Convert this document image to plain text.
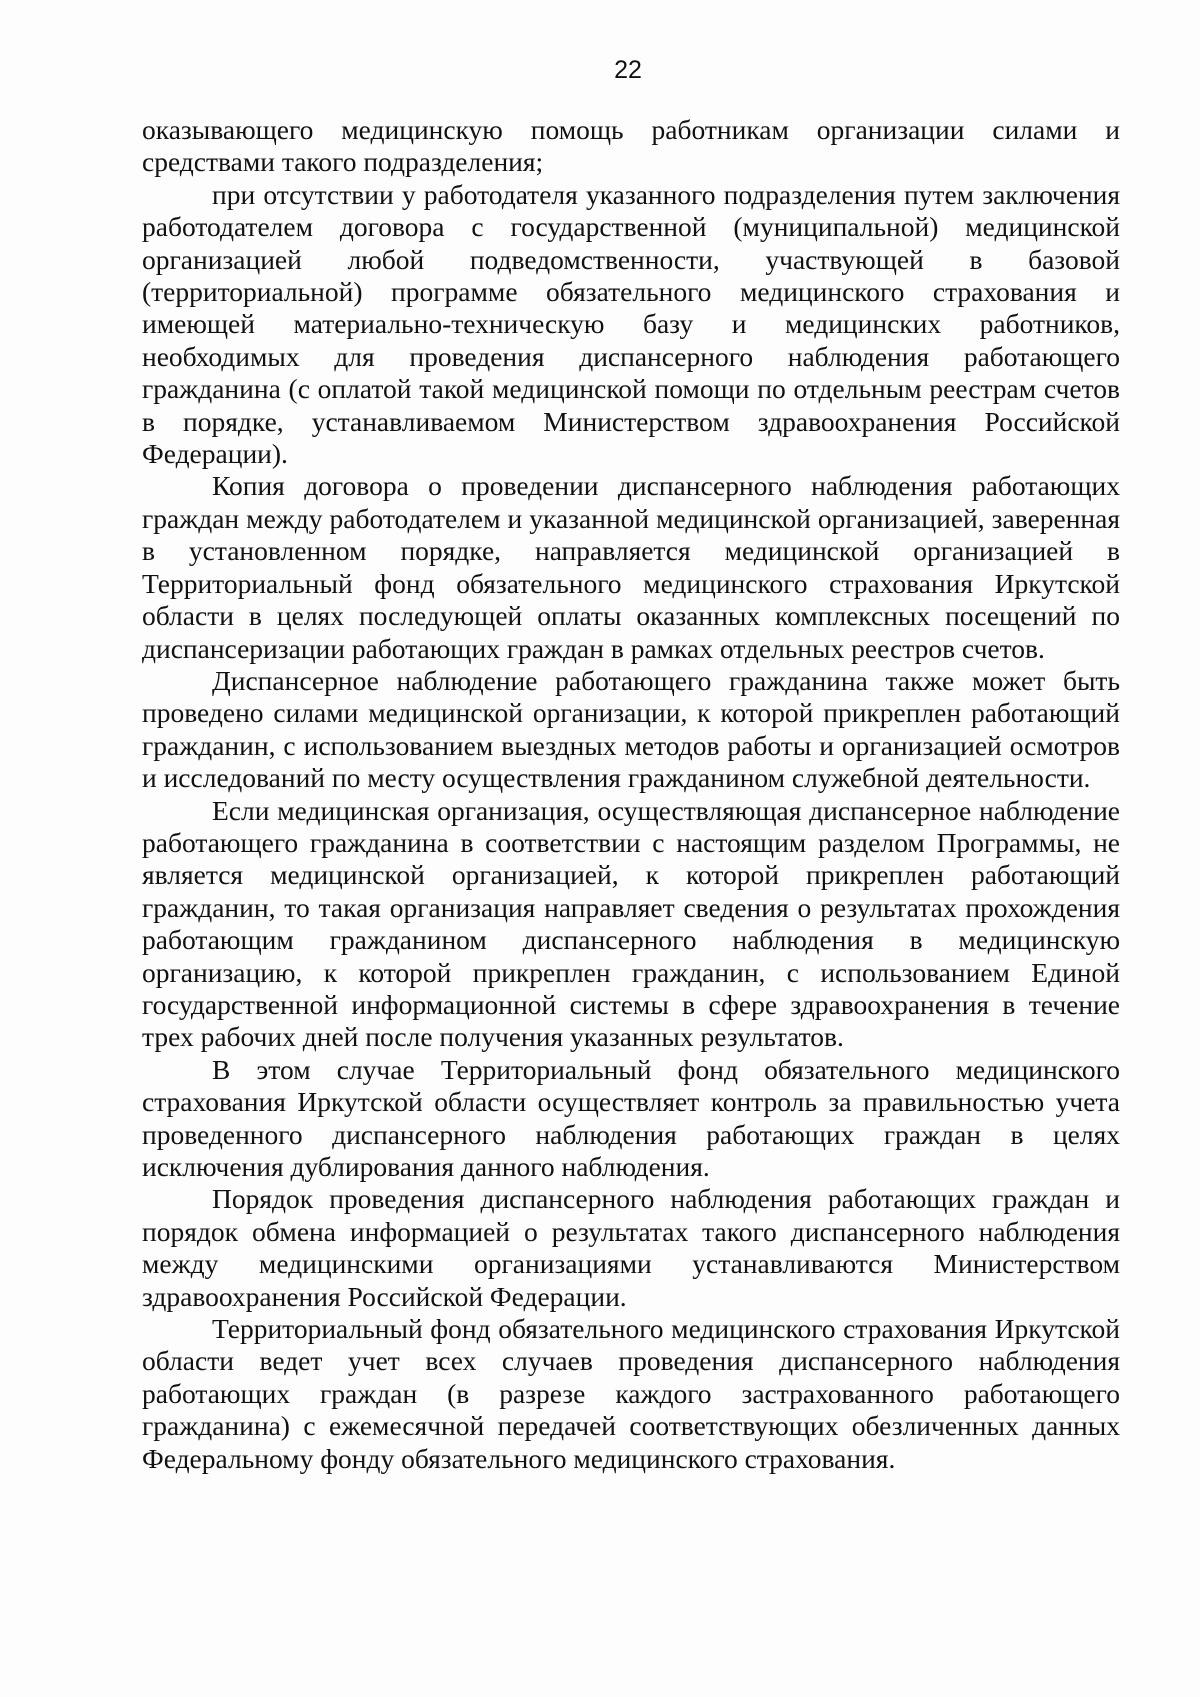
22

оказывающего медицинскую помощь работникам организации силами и средствами такого подразделения;

при отсутствии у работодателя указанного подразделения путем заключения работодателем договора с государственной (муниципальной) медицинской организацией любой подведомственности, участвующей в базовой (территориальной) программе обязательного медицинского страхования и имеющей материально-техническую базу и медицинских работников, необходимых для проведения диспансерного наблюдения работающего гражданина (с оплатой такой медицинской помощи по отдельным реестрам счетов в порядке, устанавливаемом Министерством здравоохранения Российской Федерации).

Копия договора о проведении диспансерного наблюдения работающих граждан между работодателем и указанной медицинской организацией, заверенная в установленном порядке, направляется медицинской организацией в Территориальный фонд обязательного медицинского страхования Иркутской области в целях последующей оплаты оказанных комплексных посещений по диспансеризации работающих граждан в рамках отдельных реестров счетов.

Диспансерное наблюдение работающего гражданина также может быть проведено силами медицинской организации, к которой прикреплен работающий гражданин, с использованием выездных методов работы и организацией осмотров и исследований по месту осуществления гражданином служебной деятельности.

Если медицинская организация, осуществляющая диспансерное наблюдение работающего гражданина в соответствии с настоящим разделом Программы, не является медицинской организацией, к которой прикреплен работающий гражданин, то такая организация направляет сведения о результатах прохождения работающим гражданином диспансерного наблюдения в медицинскую организацию, к которой прикреплен гражданин, с использованием Единой государственной информационной системы в сфере здравоохранения в течение трех рабочих дней после получения указанных результатов.

В этом случае Территориальный фонд обязательного медицинского страхования Иркутской области осуществляет контроль за правильностью учета проведенного диспансерного наблюдения работающих граждан в целях исключения дублирования данного наблюдения.

Порядок проведения диспансерного наблюдения работающих граждан и порядок обмена информацией о результатах такого диспансерного наблюдения между медицинскими организациями устанавливаются Министерством здравоохранения Российской Федерации.

Территориальный фонд обязательного медицинского страхования Иркутской области ведет учет всех случаев проведения диспансерного наблюдения работающих граждан (в разрезе каждого застрахованного работающего гражданина) с ежемесячной передачей соответствующих обезличенных данных Федеральному фонду обязательного медицинского страхования.
